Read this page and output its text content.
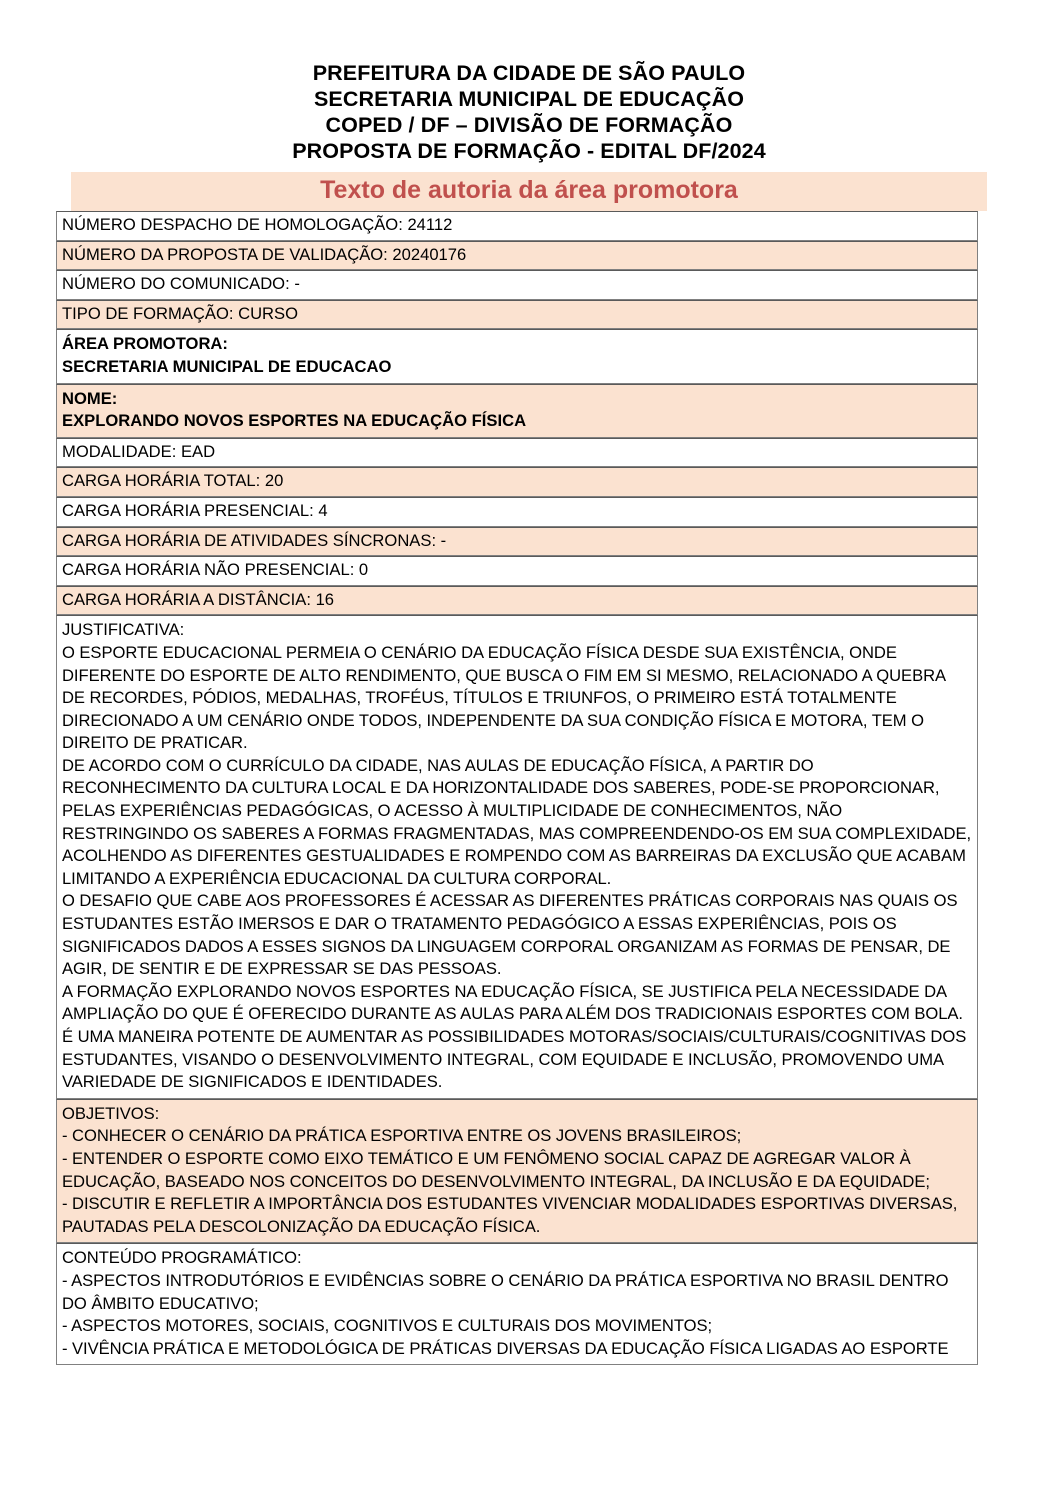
PREFEITURA DA CIDADE DE SÃO PAULO
SECRETARIA MUNICIPAL DE EDUCAÇÃO
COPED / DF – DIVISÃO DE FORMAÇÃO
PROPOSTA DE FORMAÇÃO - EDITAL DF/2024
Texto de autoria da área promotora
NÚMERO DESPACHO DE HOMOLOGAÇÃO: 24112
NÚMERO DA PROPOSTA DE VALIDAÇÃO: 20240176
NÚMERO DO COMUNICADO: -
TIPO DE FORMAÇÃO: CURSO
ÁREA PROMOTORA:
SECRETARIA MUNICIPAL DE EDUCACAO
NOME:
EXPLORANDO NOVOS ESPORTES NA EDUCAÇÃO FÍSICA
MODALIDADE: EAD
CARGA HORÁRIA TOTAL: 20
CARGA HORÁRIA PRESENCIAL: 4
CARGA HORÁRIA DE ATIVIDADES SÍNCRONAS: -
CARGA HORÁRIA NÃO PRESENCIAL: 0
CARGA HORÁRIA A DISTÂNCIA: 16
JUSTIFICATIVA:
O ESPORTE EDUCACIONAL PERMEIA O CENÁRIO DA EDUCAÇÃO FÍSICA DESDE SUA EXISTÊNCIA, ONDE DIFERENTE DO ESPORTE DE ALTO RENDIMENTO, QUE BUSCA O FIM EM SI MESMO, RELACIONADO A QUEBRA DE RECORDES, PÓDIOS, MEDALHAS, TROFÉUS, TÍTULOS E TRIUNFOS, O PRIMEIRO ESTÁ TOTALMENTE DIRECIONADO A UM CENÁRIO ONDE TODOS, INDEPENDENTE DA SUA CONDIÇÃO FÍSICA E MOTORA, TEM O DIREITO DE PRATICAR.
DE ACORDO COM O CURRÍCULO DA CIDADE, NAS AULAS DE EDUCAÇÃO FÍSICA, A PARTIR DO RECONHECIMENTO DA CULTURA LOCAL E DA HORIZONTALIDADE DOS SABERES, PODE-SE PROPORCIONAR, PELAS EXPERIÊNCIAS PEDAGÓGICAS, O ACESSO À MULTIPLICIDADE DE CONHECIMENTOS, NÃO RESTRINGINDO OS SABERES A FORMAS FRAGMENTADAS, MAS COMPREENDENDO-OS EM SUA COMPLEXIDADE, ACOLHENDO AS DIFERENTES GESTUALIDADES E ROMPENDO COM AS BARREIRAS DA EXCLUSÃO QUE ACABAM LIMITANDO A EXPERIÊNCIA EDUCACIONAL DA CULTURA CORPORAL.
O DESAFIO QUE CABE AOS PROFESSORES É ACESSAR AS DIFERENTES PRÁTICAS CORPORAIS NAS QUAIS OS ESTUDANTES ESTÃO IMERSOS E DAR O TRATAMENTO PEDAGÓGICO A ESSAS EXPERIÊNCIAS, POIS OS SIGNIFICADOS DADOS A ESSES SIGNOS DA LINGUAGEM CORPORAL ORGANIZAM AS FORMAS DE PENSAR, DE AGIR, DE SENTIR E DE EXPRESSAR SE DAS PESSOAS.
A FORMAÇÃO EXPLORANDO NOVOS ESPORTES NA EDUCAÇÃO FÍSICA, SE JUSTIFICA PELA NECESSIDADE DA AMPLIAÇÃO DO QUE É OFERECIDO DURANTE AS AULAS PARA ALÉM DOS TRADICIONAIS ESPORTES COM BOLA. É UMA MANEIRA POTENTE DE AUMENTAR AS POSSIBILIDADES MOTORAS/SOCIAIS/CULTURAIS/COGNITIVAS DOS ESTUDANTES, VISANDO O DESENVOLVIMENTO INTEGRAL, COM EQUIDADE E INCLUSÃO, PROMOVENDO UMA VARIEDADE DE SIGNIFICADOS E IDENTIDADES.
OBJETIVOS:
- CONHECER O CENÁRIO DA PRÁTICA ESPORTIVA ENTRE OS JOVENS BRASILEIROS;
- ENTENDER O ESPORTE COMO EIXO TEMÁTICO E UM FENÔMENO SOCIAL CAPAZ DE AGREGAR VALOR À EDUCAÇÃO, BASEADO NOS CONCEITOS DO DESENVOLVIMENTO INTEGRAL, DA INCLUSÃO E DA EQUIDADE;
- DISCUTIR E REFLETIR A IMPORTÂNCIA DOS ESTUDANTES VIVENCIAR MODALIDADES ESPORTIVAS DIVERSAS, PAUTADAS PELA DESCOLONIZAÇÃO DA EDUCAÇÃO FÍSICA.
CONTEÚDO PROGRAMÁTICO:
- ASPECTOS INTRODUTÓRIOS E EVIDÊNCIAS SOBRE O CENÁRIO DA PRÁTICA ESPORTIVA NO BRASIL DENTRO DO ÂMBITO EDUCATIVO;
- ASPECTOS MOTORES, SOCIAIS, COGNITIVOS E CULTURAIS DOS MOVIMENTOS;
- VIVÊNCIA PRÁTICA E METODOLÓGICA DE PRÁTICAS DIVERSAS DA EDUCAÇÃO FÍSICA LIGADAS AO ESPORTE
